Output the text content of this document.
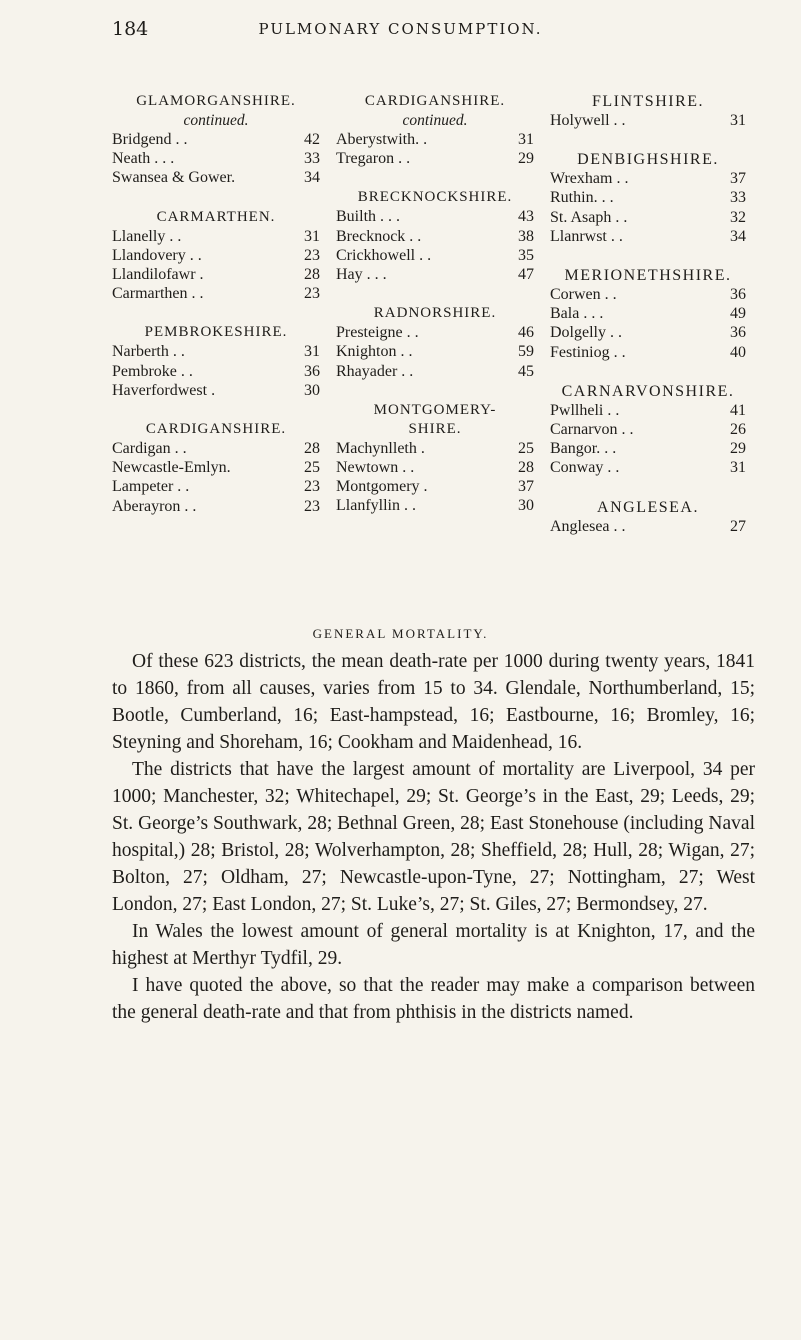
184	PULMONARY CONSUMPTION.
GLAMORGANSHIRE.
continued.
Bridgend . .	42
Neath . . .	33
Swansea & Gower.	34
CARMARTHEN.
Llanelly . .	31
Llandovery . .	23
Llandilofawr .	28
Carmarthen . .	23
PEMBROKESHIRE.
Narberth . .	31
Pembroke . .	36
Haverfordwest .	30
CARDIGANSHIRE.
Cardigan . .	28
Newcastle-Emlyn.	25
Lampeter . .	23
Aberayron . .	23
CARDIGANSHIRE.
continued.
Aberystwith. .	31
Tregaron . .	29
BRECKNOCKSHIRE.
Builth . . .	43
Brecknock . .	38
Crickhowell . .	35
Hay . . .	47
RADNORSHIRE.
Presteigne . .	46
Knighton . .	59
Rhayader . .	45
MONTGOMERY-
SHIRE.
Machynlleth .	25
Newtown . .	28
Montgomery .	37
Llanfyllin . .	30
FLINTSHIRE.
Holywell . .	31
DENBIGHSHIRE.
Wrexham . .	37
Ruthin. . .	33
St. Asaph . .	32
Llanrwst . .	34
MERIONETHSHIRE.
Corwen . .	36
Bala . . .	49
Dolgelly . .	36
Festiniog . .	40
CARNARVONSHIRE.
Pwllheli . .	41
Carnarvon . .	26
Bangor. . .	29
Conway . .	31
ANGLESEA.
Anglesea . .	27
GENERAL MORTALITY.

Of these 623 districts, the mean death-rate per 1000 during twenty years, 1841 to 1860, from all causes, varies from 15 to 34. Glendale, Northumberland, 15; Bootle, Cumberland, 16; East-hampstead, 16; Eastbourne, 16; Bromley, 16; Steyning and Shoreham, 16; Cookham and Maidenhead, 16.

The districts that have the largest amount of mortality are Liverpool, 34 per 1000; Manchester, 32; Whitechapel, 29; St. George’s in the East, 29; Leeds, 29; St. George’s Southwark, 28; Bethnal Green, 28; East Stonehouse (including Naval hospital,) 28; Bristol, 28; Wolverhampton, 28; Sheffield, 28; Hull, 28; Wigan, 27; Bolton, 27; Oldham, 27; Newcastle-upon-Tyne, 27; Nottingham, 27; West London, 27; East London, 27; St. Luke’s, 27; St. Giles, 27; Bermondsey, 27.

In Wales the lowest amount of general mortality is at Knighton, 17, and the highest at Merthyr Tydfil, 29.

I have quoted the above, so that the reader may make a comparison between the general death-rate and that from phthisis in the districts named.
